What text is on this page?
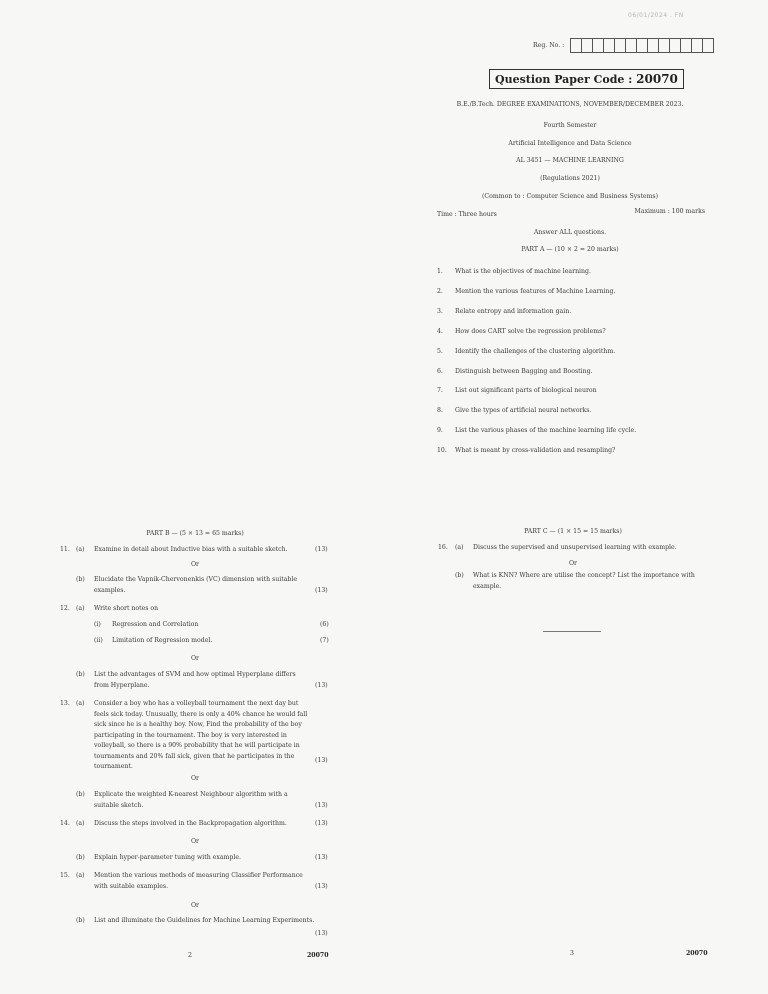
06/01/2024 . FN
Reg. No. :
Question Paper Code : 20070
B.E./B.Tech. DEGREE EXAMINATIONS, NOVEMBER/DECEMBER 2023.
Fourth Semester
Artificial Intelligence and Data Science
AL 3451 — MACHINE LEARNING
(Regulations 2021)
(Common to : Computer Science and Business Systems)
Time : Three hours	Maximum : 100 marks
Answer ALL questions.
PART A — (10 × 2 = 20 marks)
1. What is the objectives of machine learning.
2. Mention the various features of Machine Learning.
3. Relate entropy and information gain.
4. How does CART solve the regression problems?
5. Identify the challenges of the clustering algorithm.
6. Distinguish between Bagging and Boosting.
7. List out significant parts of biological neuron
8. Give the types of artificial neural networks.
9. List the various phases of the machine learning life cycle.
10. What is meant by cross-validation and resampling?
PART B — (5 × 13 = 65 marks)
11. (a) Examine in detail about Inductive bias with a suitable sketch.	(13)
Or
(b) Elucidate the Vapnik-Chervonenkis (VC) dimension with suitable examples.	(13)
12. (a) Write short notes on
(i) Regression and Correlation	(6)
(ii) Limitation of Regression model.	(7)
Or
(b) List the advantages of SVM and how optimal Hyperplane differs from Hyperplane.	(13)
13. (a) Consider a boy who has a volleyball tournament the next day but feels sick today. Unusually, there is only a 40% chance he would fall sick since he is a healthy boy. Now, Find the probability of the boy participating in the tournament. The boy is very interested in volleyball, so there is a 90% probability that he will participate in tournaments and 20% fall sick, given that he participates in the tournament.
(13)
Or
(b) Explicate the weighted K-nearest Neighbour algorithm with a suitable sketch.	(13)
14. (a) Discuss the steps involved in the Backpropagation algorithm.	(13)
Or
(b) Explain hyper-parameter tuning with example.	(13)
15. (a) Mention the various methods of measuring Classifier Performance with suitable examples.	(13)
Or
(b) List and illuminate the Guidelines for Machine Learning Experiments.
(13)
2	20070
PART C — (1 × 15 = 15 marks)
16. (a) Discuss the supervised and unsupervised learning with example.
Or
(b) What is KNN? Where are utilise the concept? List the importance with example.
3	20070
